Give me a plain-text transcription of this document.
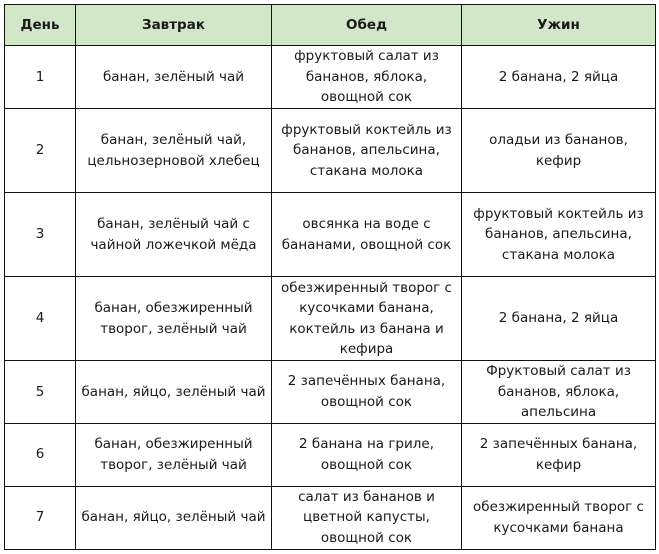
День	Завтрак	Обед	Ужин
1	банан, зелёный чай	фруктовый салат из бананов, яблока, овощной сок	2 банана, 2 яйца
2	банан, зелёный чай, цельнозерновой хлебец	фруктовый коктейль из бананов, апельсина, стакана молока	оладьи из бананов, кефир
3	банан, зелёный чай с чайной ложечкой мёда	овсянка на воде с бананами, овощной сок	фруктовый коктейль из бананов, апельсина, стакана молока
4	банан, обезжиренный творог, зелёный чай	обезжиренный творог с кусочками банана, коктейль из банана и кефира	2 банана, 2 яйца
5	банан, яйцо, зелёный чай	2 запечённых банана, овощной сок	Фруктовый салат из бананов, яблока, апельсина
6	банан, обезжиренный творог, зелёный чай	2 банана на гриле, овощной сок	2 запечённых банана, кефир
7	банан, яйцо, зелёный чай	салат из бананов и цветной капусты, овощной сок	обезжиренный творог с кусочками банана
